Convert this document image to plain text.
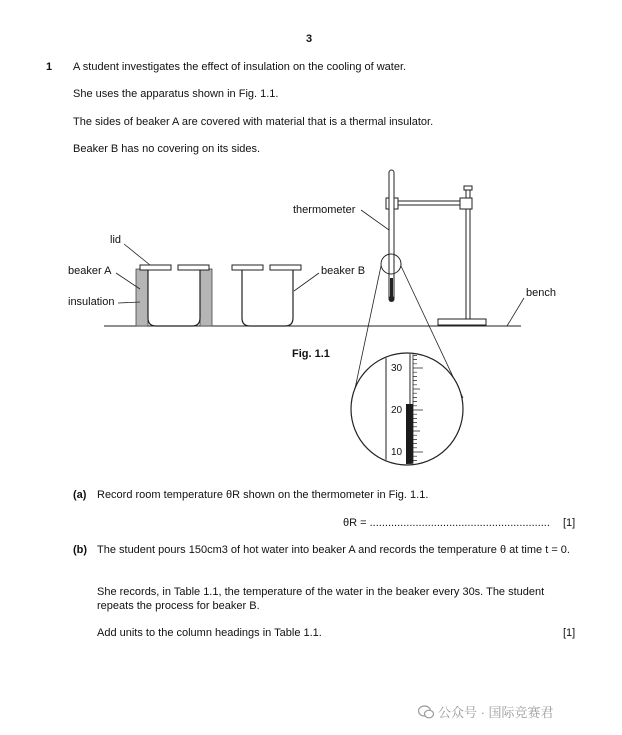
3
1 A student investigates the effect of insulation on the cooling of water.
She uses the apparatus shown in Fig. 1.1.
The sides of beaker A are covered with material that is a thermal insulator.
Beaker B has no covering on its sides.
thermometer
lid
beaker A
insulation
beaker B
bench
Fig. 1.1
30
20
10
(a) Record room temperature θR shown on the thermometer in Fig. 1.1.
θR = ........................................................... [1]
(b) The student pours 150cm3 of hot water into beaker A and records the temperature θ at time t = 0.
She records, in Table 1.1, the temperature of the water in the beaker every 30s. The student repeats the process for beaker B.
Add units to the column headings in Table 1.1.	[1]
公众号 · 国际竞赛君
